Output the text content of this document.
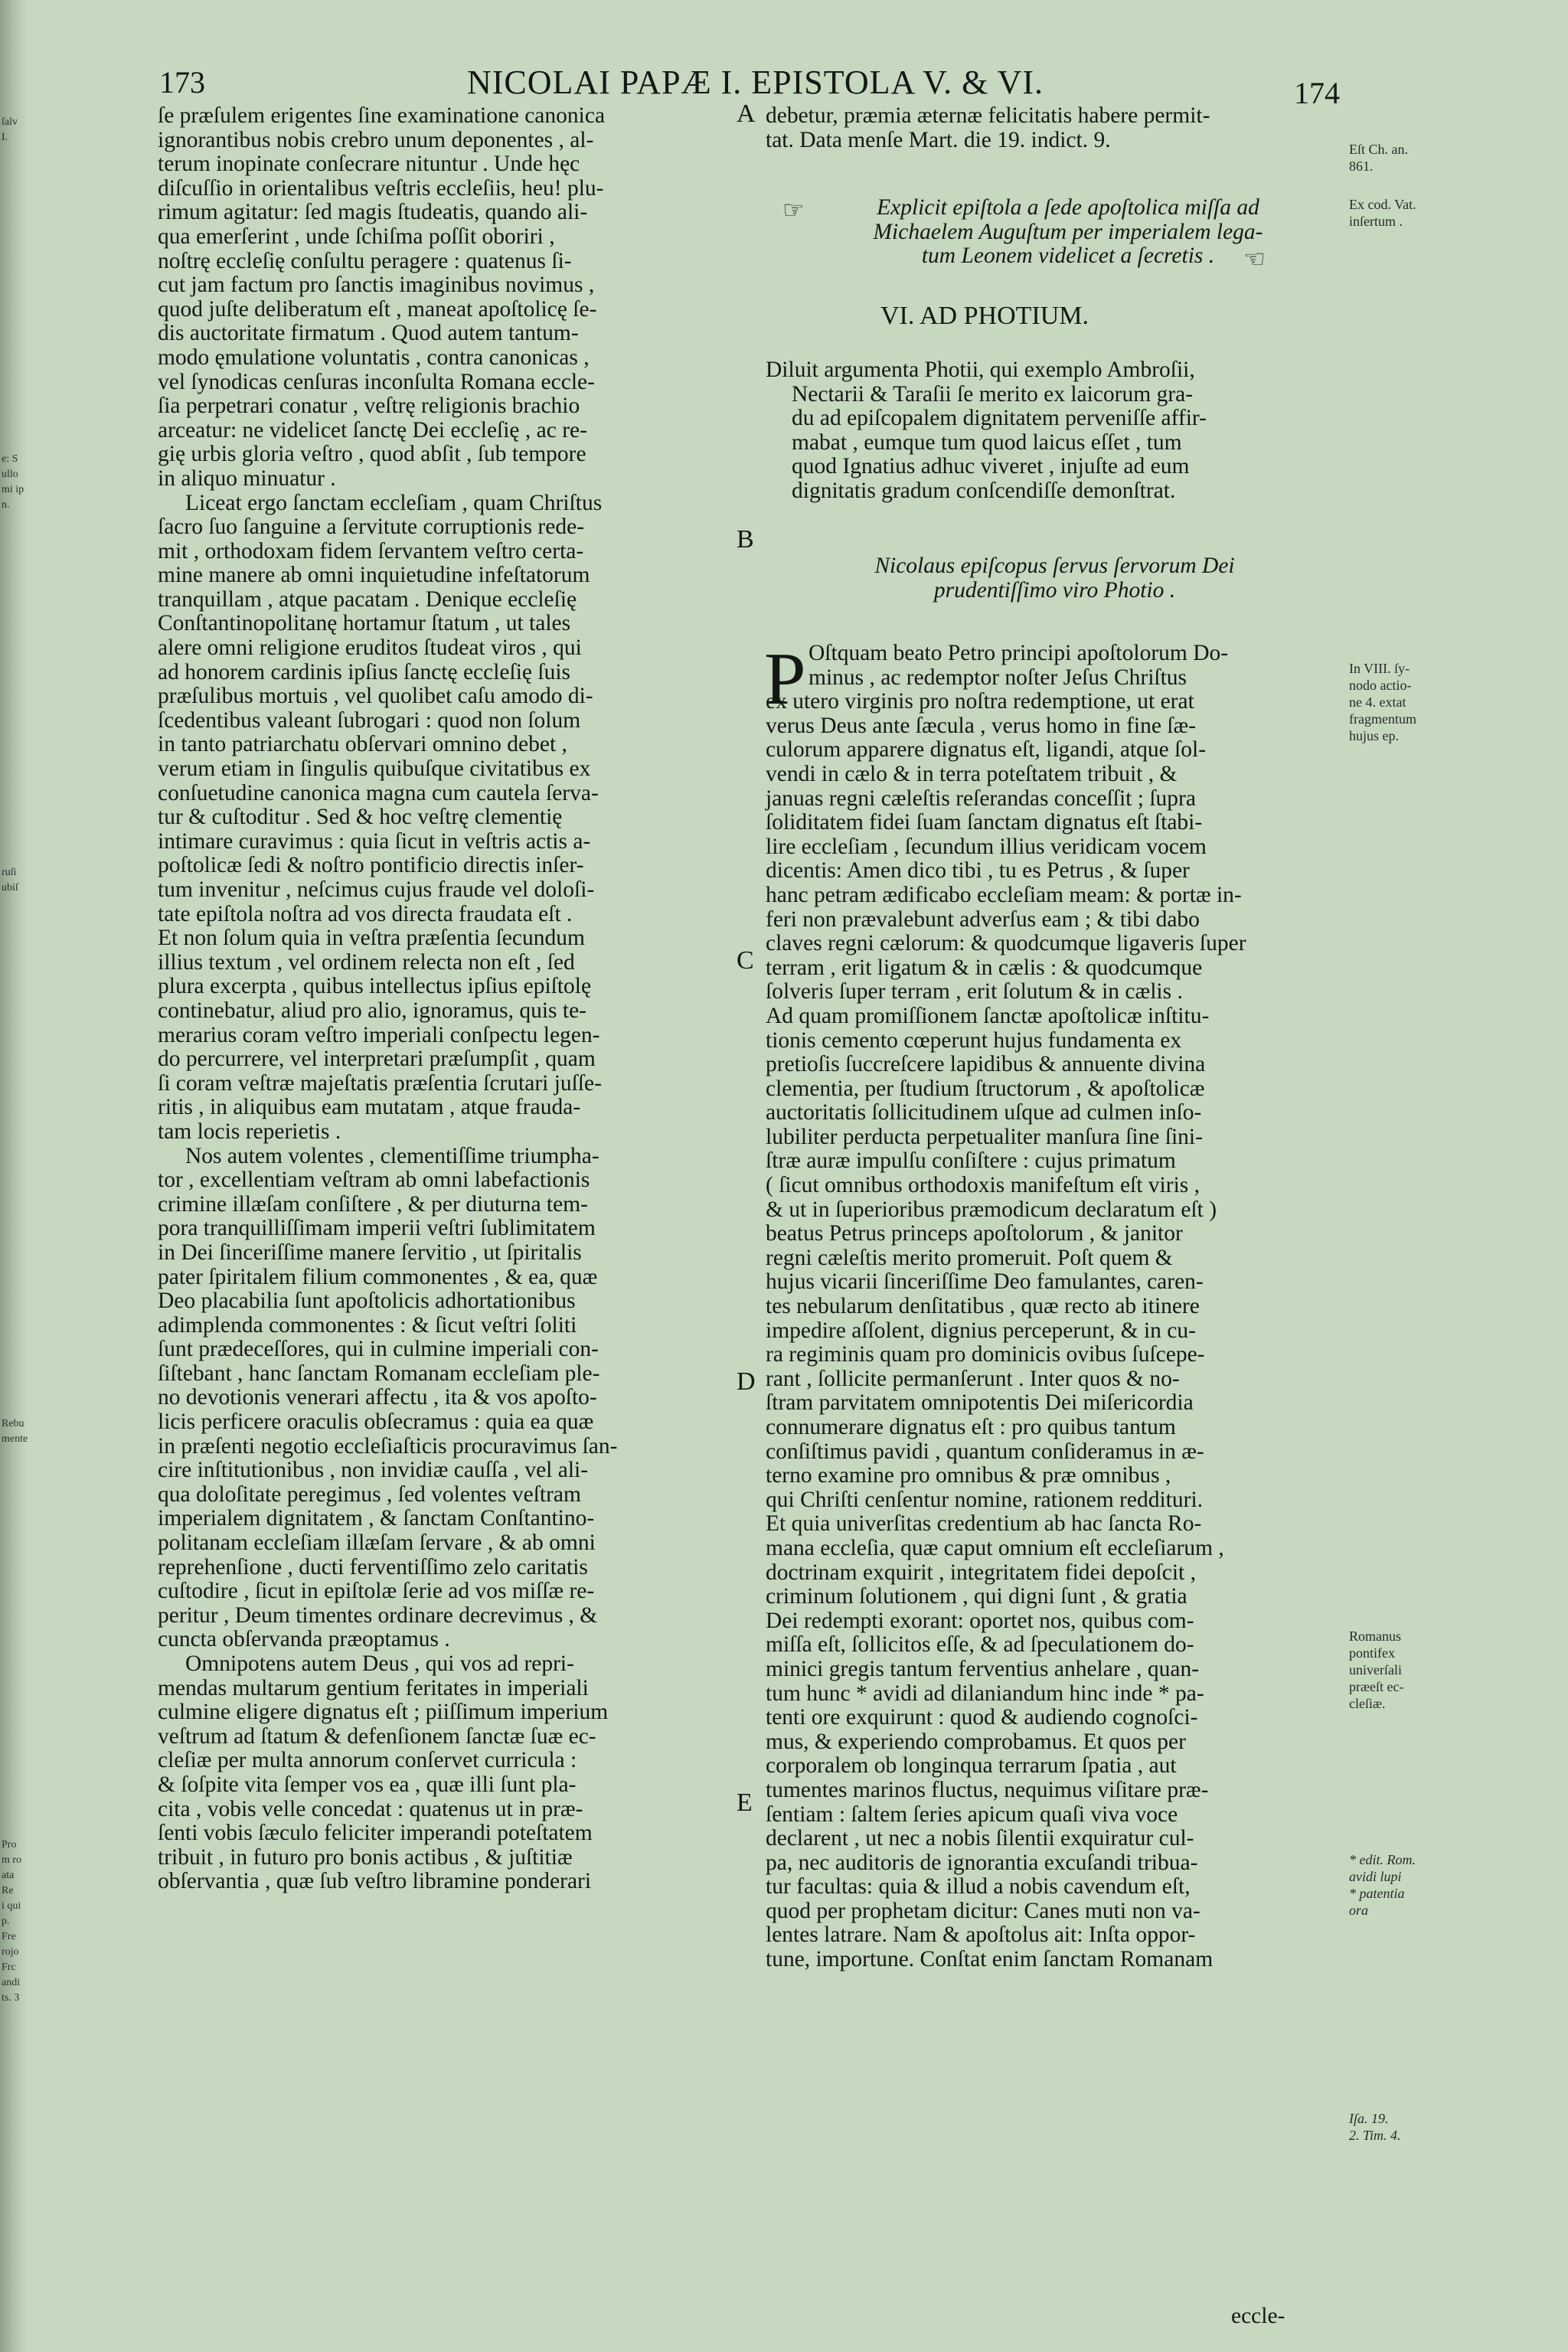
ſalv
I.
e: S
ullo
mi ip
n.
ruſi
ubiſ
Rebu
mente
Pro
m ro
ata
Re
i qui
p.
Fre
rojo
Frc
andi
ts. 3
173	NICOLAI PAPÆ I. EPISTOLA V. & VI.	174
A
B
C
D
E

ſe præſulem erigentes ſine examinatione canonica

ignorantibus nobis crebro unum deponentes , al-

terum inopinate conſecrare nituntur . Unde hęc

diſcuſſio in orientalibus veſtris eccleſiis, heu! plu-

rimum agitatur: ſed magis ſtudeatis, quando ali-

qua emerſerint , unde ſchiſma poſſit oboriri ,

noſtrę eccleſię conſultu peragere : quatenus ſi-

cut jam factum pro ſanctis imaginibus novimus ,

quod juſte deliberatum eſt , maneat apoſtolicę ſe-

dis auctoritate firmatum . Quod autem tantum-

modo ęmulatione voluntatis , contra canonicas ,

vel ſynodicas cenſuras inconſulta Romana eccle-

ſia perpetrari conatur , veſtrę religionis brachio

arceatur: ne videlicet ſanctę Dei eccleſię , ac re-

gię urbis gloria veſtro , quod abſit , ſub tempore

in aliquo minuatur .

Liceat ergo ſanctam eccleſiam , quam Chriſtus

ſacro ſuo ſanguine a ſervitute corruptionis rede-

mit , orthodoxam fidem ſervantem veſtro certa-

mine manere ab omni inquietudine infeſtatorum

tranquillam , atque pacatam . Denique eccleſię

Conſtantinopolitanę hortamur ſtatum , ut tales

alere omni religione eruditos ſtudeat viros , qui

ad honorem cardinis ipſius ſanctę eccleſię ſuis

præſulibus mortuis , vel quolibet caſu amodo di-

ſcedentibus valeant ſubrogari : quod non ſolum

in tanto patriarchatu obſervari omnino debet ,

verum etiam in ſingulis quibuſque civitatibus ex

conſuetudine canonica magna cum cautela ſerva-

tur & cuſtoditur . Sed & hoc veſtrę clementię

intimare curavimus : quia ſicut in veſtris actis a-

poſtolicæ ſedi & noſtro pontificio directis inſer-

tum invenitur , neſcimus cujus fraude vel doloſi-

tate epiſtola noſtra ad vos directa fraudata eſt .

Et non ſolum quia in veſtra præſentia ſecundum

illius textum , vel ordinem relecta non eſt , ſed

plura excerpta , quibus intellectus ipſius epiſtolę

continebatur, aliud pro alio, ignoramus, quis te-

merarius coram veſtro imperiali conſpectu legen-

do percurrere, vel interpretari præſumpſit , quam

ſi coram veſtræ majeſtatis præſentia ſcrutari juſſe-

ritis , in aliquibus eam mutatam , atque frauda-

tam locis reperietis .

Nos autem volentes , clementiſſime triumpha-

tor , excellentiam veſtram ab omni labefactionis

crimine illæſam conſiſtere , & per diuturna tem-

pora tranquilliſſimam imperii veſtri ſublimitatem

in Dei ſinceriſſime manere ſervitio , ut ſpiritalis

pater ſpiritalem filium commonentes , & ea, quæ

Deo placabilia ſunt apoſtolicis adhortationibus

adimplenda commonentes : & ſicut veſtri ſoliti

ſunt prædeceſſores, qui in culmine imperiali con-

ſiſtebant , hanc ſanctam Romanam eccleſiam ple-

no devotionis venerari affectu , ita & vos apoſto-

licis perficere oraculis obſecramus : quia ea quæ

in præſenti negotio eccleſiaſticis procuravimus ſan-

cire inſtitutionibus , non invidiæ cauſſa , vel ali-

qua doloſitate peregimus , ſed volentes veſtram

imperialem dignitatem , & ſanctam Conſtantino-

politanam eccleſiam illæſam ſervare , & ab omni

reprehenſione , ducti ferventiſſimo zelo caritatis

cuſtodire , ſicut in epiſtolæ ſerie ad vos miſſæ re-

peritur , Deum timentes ordinare decrevimus , &

cuncta obſervanda præoptamus .

Omnipotens autem Deus , qui vos ad repri-

mendas multarum gentium feritates in imperiali

culmine eligere dignatus eſt ; piiſſimum imperium

veſtrum ad ſtatum & defenſionem ſanctæ ſuæ ec-

cleſiæ per multa annorum conſervet curricula :

& ſoſpite vita ſemper vos ea , quæ illi ſunt pla-

cita , vobis velle concedat : quatenus ut in præ-

ſenti vobis ſæculo feliciter imperandi poteſtatem

tribuit , in futuro pro bonis actibus , & juſtitiæ

obſervantia , quæ ſub veſtro libramine ponderari

debetur, præmia æternæ felicitatis habere permit-

tat. Data menſe Mart. die 19. indict. 9.

☞	Explicit epiſtola a ſede apoſtolica miſſa ad

Michaelem Auguſtum per imperialem lega-

tum Leonem videlicet a ſecretis .	☞
VI. AD PHOTIUM.

Diluit argumenta Photii, qui exemplo Ambroſii,

Nectarii & Taraſii ſe merito ex laicorum gra-

du ad epiſcopalem dignitatem perveniſſe affir-

mabat , eumque tum quod laicus eſſet , tum

quod Ignatius adhuc viveret , injuſte ad eum

dignitatis gradum conſcendiſſe demonſtrat.

Nicolaus epiſcopus ſervus ſervorum Dei

prudentiſſimo viro Photio .

P Oſtquam beato Petro principi apoſtolorum Do-

minus , ac redemptor noſter Jeſus Chriſtus

ex utero virginis pro noſtra redemptione, ut erat

verus Deus ante ſæcula , verus homo in fine ſæ-

culorum apparere dignatus eſt, ligandi, atque ſol-

vendi in cælo & in terra poteſtatem tribuit , &

januas regni cæleſtis reſerandas conceſſit ; ſupra

ſoliditatem fidei ſuam ſanctam dignatus eſt ſtabi-

lire eccleſiam , ſecundum illius veridicam vocem

dicentis: Amen dico tibi , tu es Petrus , & ſuper

hanc petram ædificabo eccleſiam meam: & portæ in-

feri non prævalebunt adverſus eam ; & tibi dabo

claves regni cælorum: & quodcumque ligaveris ſuper

terram , erit ligatum & in cælis : & quodcumque

ſolveris ſuper terram , erit ſolutum & in cælis .

Ad quam promiſſionem ſanctæ apoſtolicæ inſtitu-

tionis cemento cœperunt hujus fundamenta ex

pretioſis ſuccreſcere lapidibus & annuente divina

clementia, per ſtudium ſtructorum , & apoſtolicæ

auctoritatis ſollicitudinem uſque ad culmen inſo-

lubiliter perducta perpetualiter manſura ſine ſini-

ſtræ auræ impulſu conſiſtere : cujus primatum

( ſicut omnibus orthodoxis manifeſtum eſt viris ,

& ut in ſuperioribus præmodicum declaratum eſt )

beatus Petrus princeps apoſtolorum , & janitor

regni cæleſtis merito promeruit. Poſt quem &

hujus vicarii ſinceriſſime Deo famulantes, caren-

tes nebularum denſitatibus , quæ recto ab itinere

impedire aſſolent, dignius perceperunt, & in cu-

ra regiminis quam pro dominicis ovibus ſuſcepe-

rant , ſollicite permanſerunt . Inter quos & no-

ſtram parvitatem omnipotentis Dei miſericordia

connumerare dignatus eſt : pro quibus tantum

conſiſtimus pavidi , quantum conſideramus in æ-

terno examine pro omnibus & præ omnibus ,

qui Chriſti cenſentur nomine, rationem reddituri.

Et quia univerſitas credentium ab hac ſancta Ro-

mana eccleſia, quæ caput omnium eſt eccleſiarum ,

doctrinam exquirit , integritatem fidei depoſcit ,

criminum ſolutionem , qui digni ſunt , & gratia

Dei redempti exorant: oportet nos, quibus com-

miſſa eſt, ſollicitos eſſe, & ad ſpeculationem do-

minici gregis tantum ferventius anhelare , quan-

tum hunc * avidi ad dilaniandum hinc inde * pa-

tenti ore exquirunt : quod & audiendo cognoſci-

mus, & experiendo comprobamus. Et quos per

corporalem ob longinqua terrarum ſpatia , aut

tumentes marinos fluctus, nequimus viſitare præ-

ſentiam : ſaltem ſeries apicum quaſi viva voce

declarent , ut nec a nobis ſilentii exquiratur cul-

pa, nec auditoris de ignorantia excuſandi tribua-

tur facultas: quia & illud a nobis cavendum eſt,

quod per prophetam dicitur: Canes muti non va-

lentes latrare. Nam & apoſtolus ait: Inſta oppor-

tune, importune. Conſtat enim ſanctam Romanam

eccle-
Eſt Ch. an.
861.
Ex cod. Vat.
inſertum .
In VIII. ſy-
nodo actio-
ne 4. extat
fragmentum
hujus ep.
Romanus
pontifex
univerſali
præeſt ec-
cleſiæ.
* edit. Rom.
avidi lupi
* patentia
ora
Iſa. 19.
2. Tim. 4.
